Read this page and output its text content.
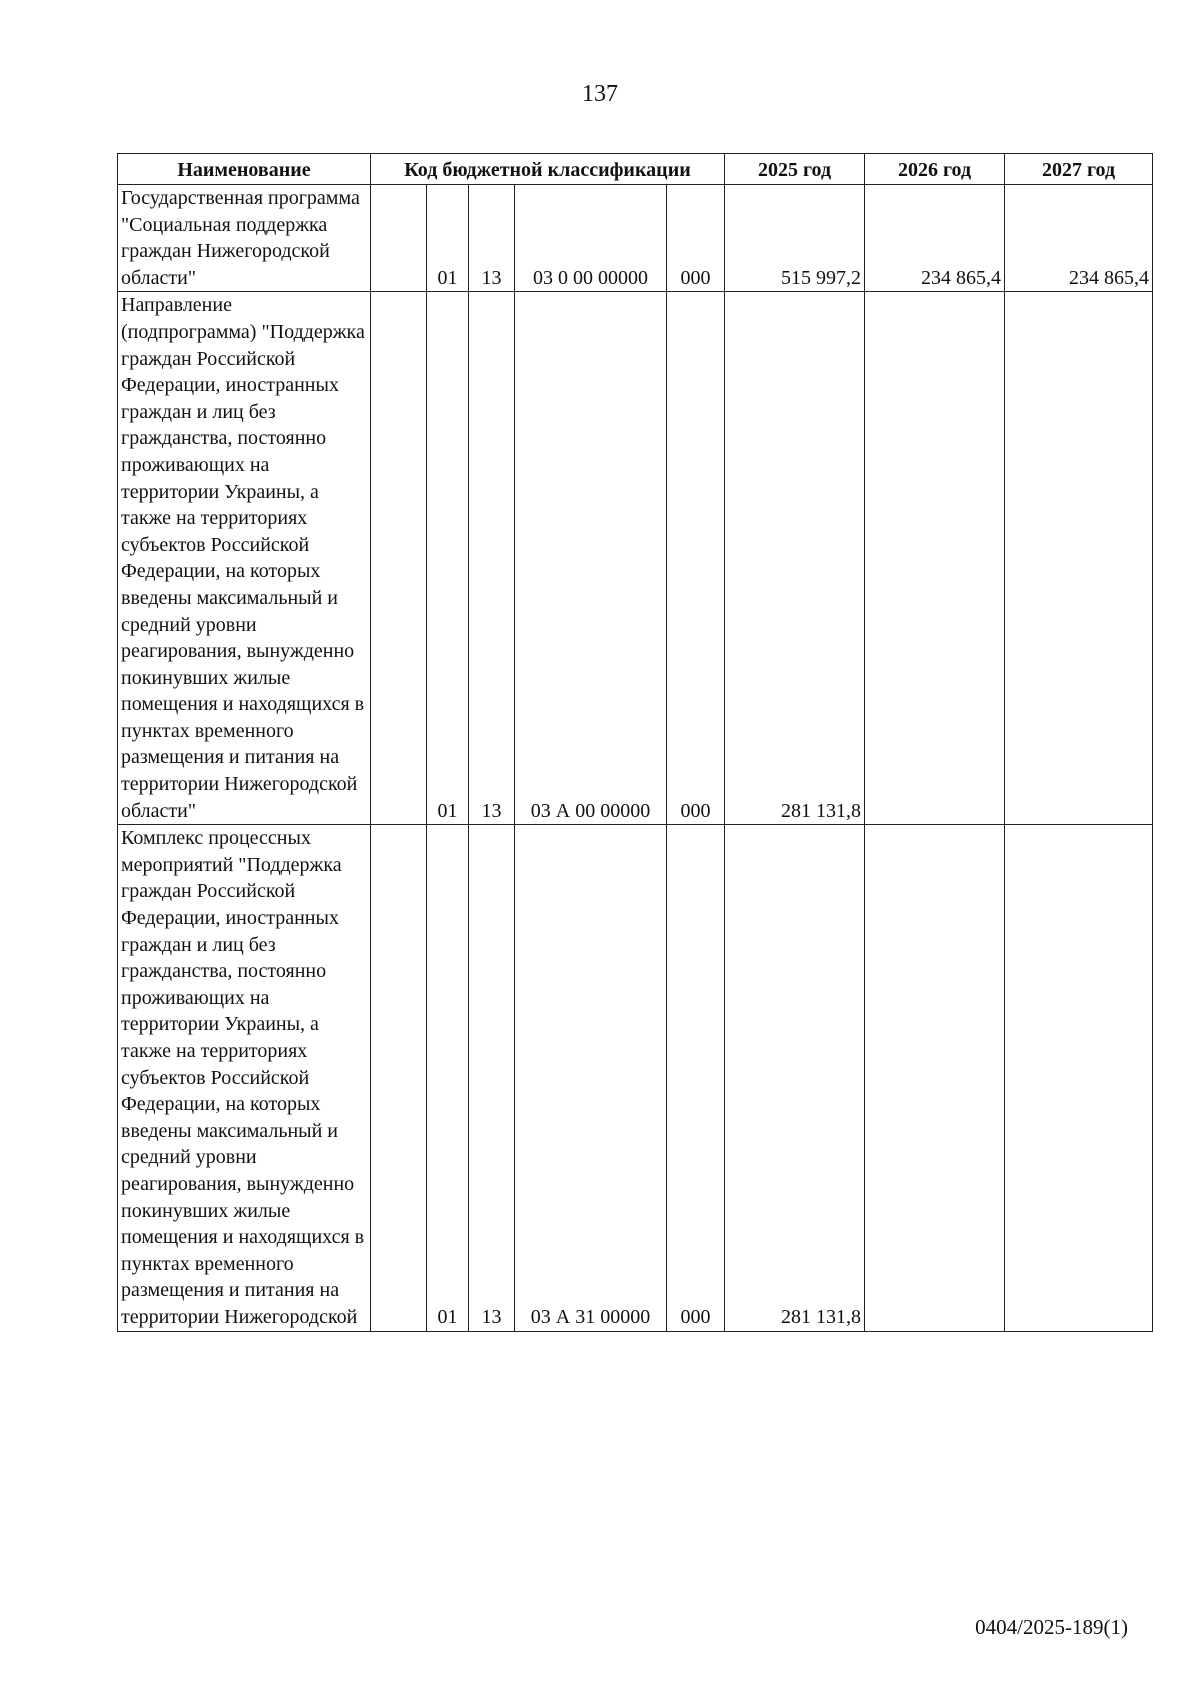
137
Наименование	Код бюджетной классификации					2025 год	2026 год	2027 год
Государственная программа "Социальная поддержка граждан Нижегородской области"		01	13	03 0 00 00000	000	515 997,2	234 865,4	234 865,4
Направление (подпрограмма) "Поддержка граждан Российской Федерации, иностранных граждан и лиц без гражданства, постоянно проживающих на территории Украины, а также на территориях субъектов Российской Федерации, на которых введены максимальный и средний уровни реагирования, вынужденно покинувших жилые помещения и находящихся в пунктах временного размещения и питания на территории Нижегородской области"		01	13	03 А 00 00000	000	281 131,8		
Комплекс процессных мероприятий "Поддержка граждан Российской Федерации, иностранных граждан и лиц без гражданства, постоянно проживающих на территории Украины, а также на территориях субъектов Российской Федерации, на которых введены максимальный и средний уровни реагирования, вынужденно покинувших жилые помещения и находящихся в пунктах временного размещения и питания на территории Нижегородской		01	13	03 А 31 00000	000	281 131,8		
0404/2025-189(1)
